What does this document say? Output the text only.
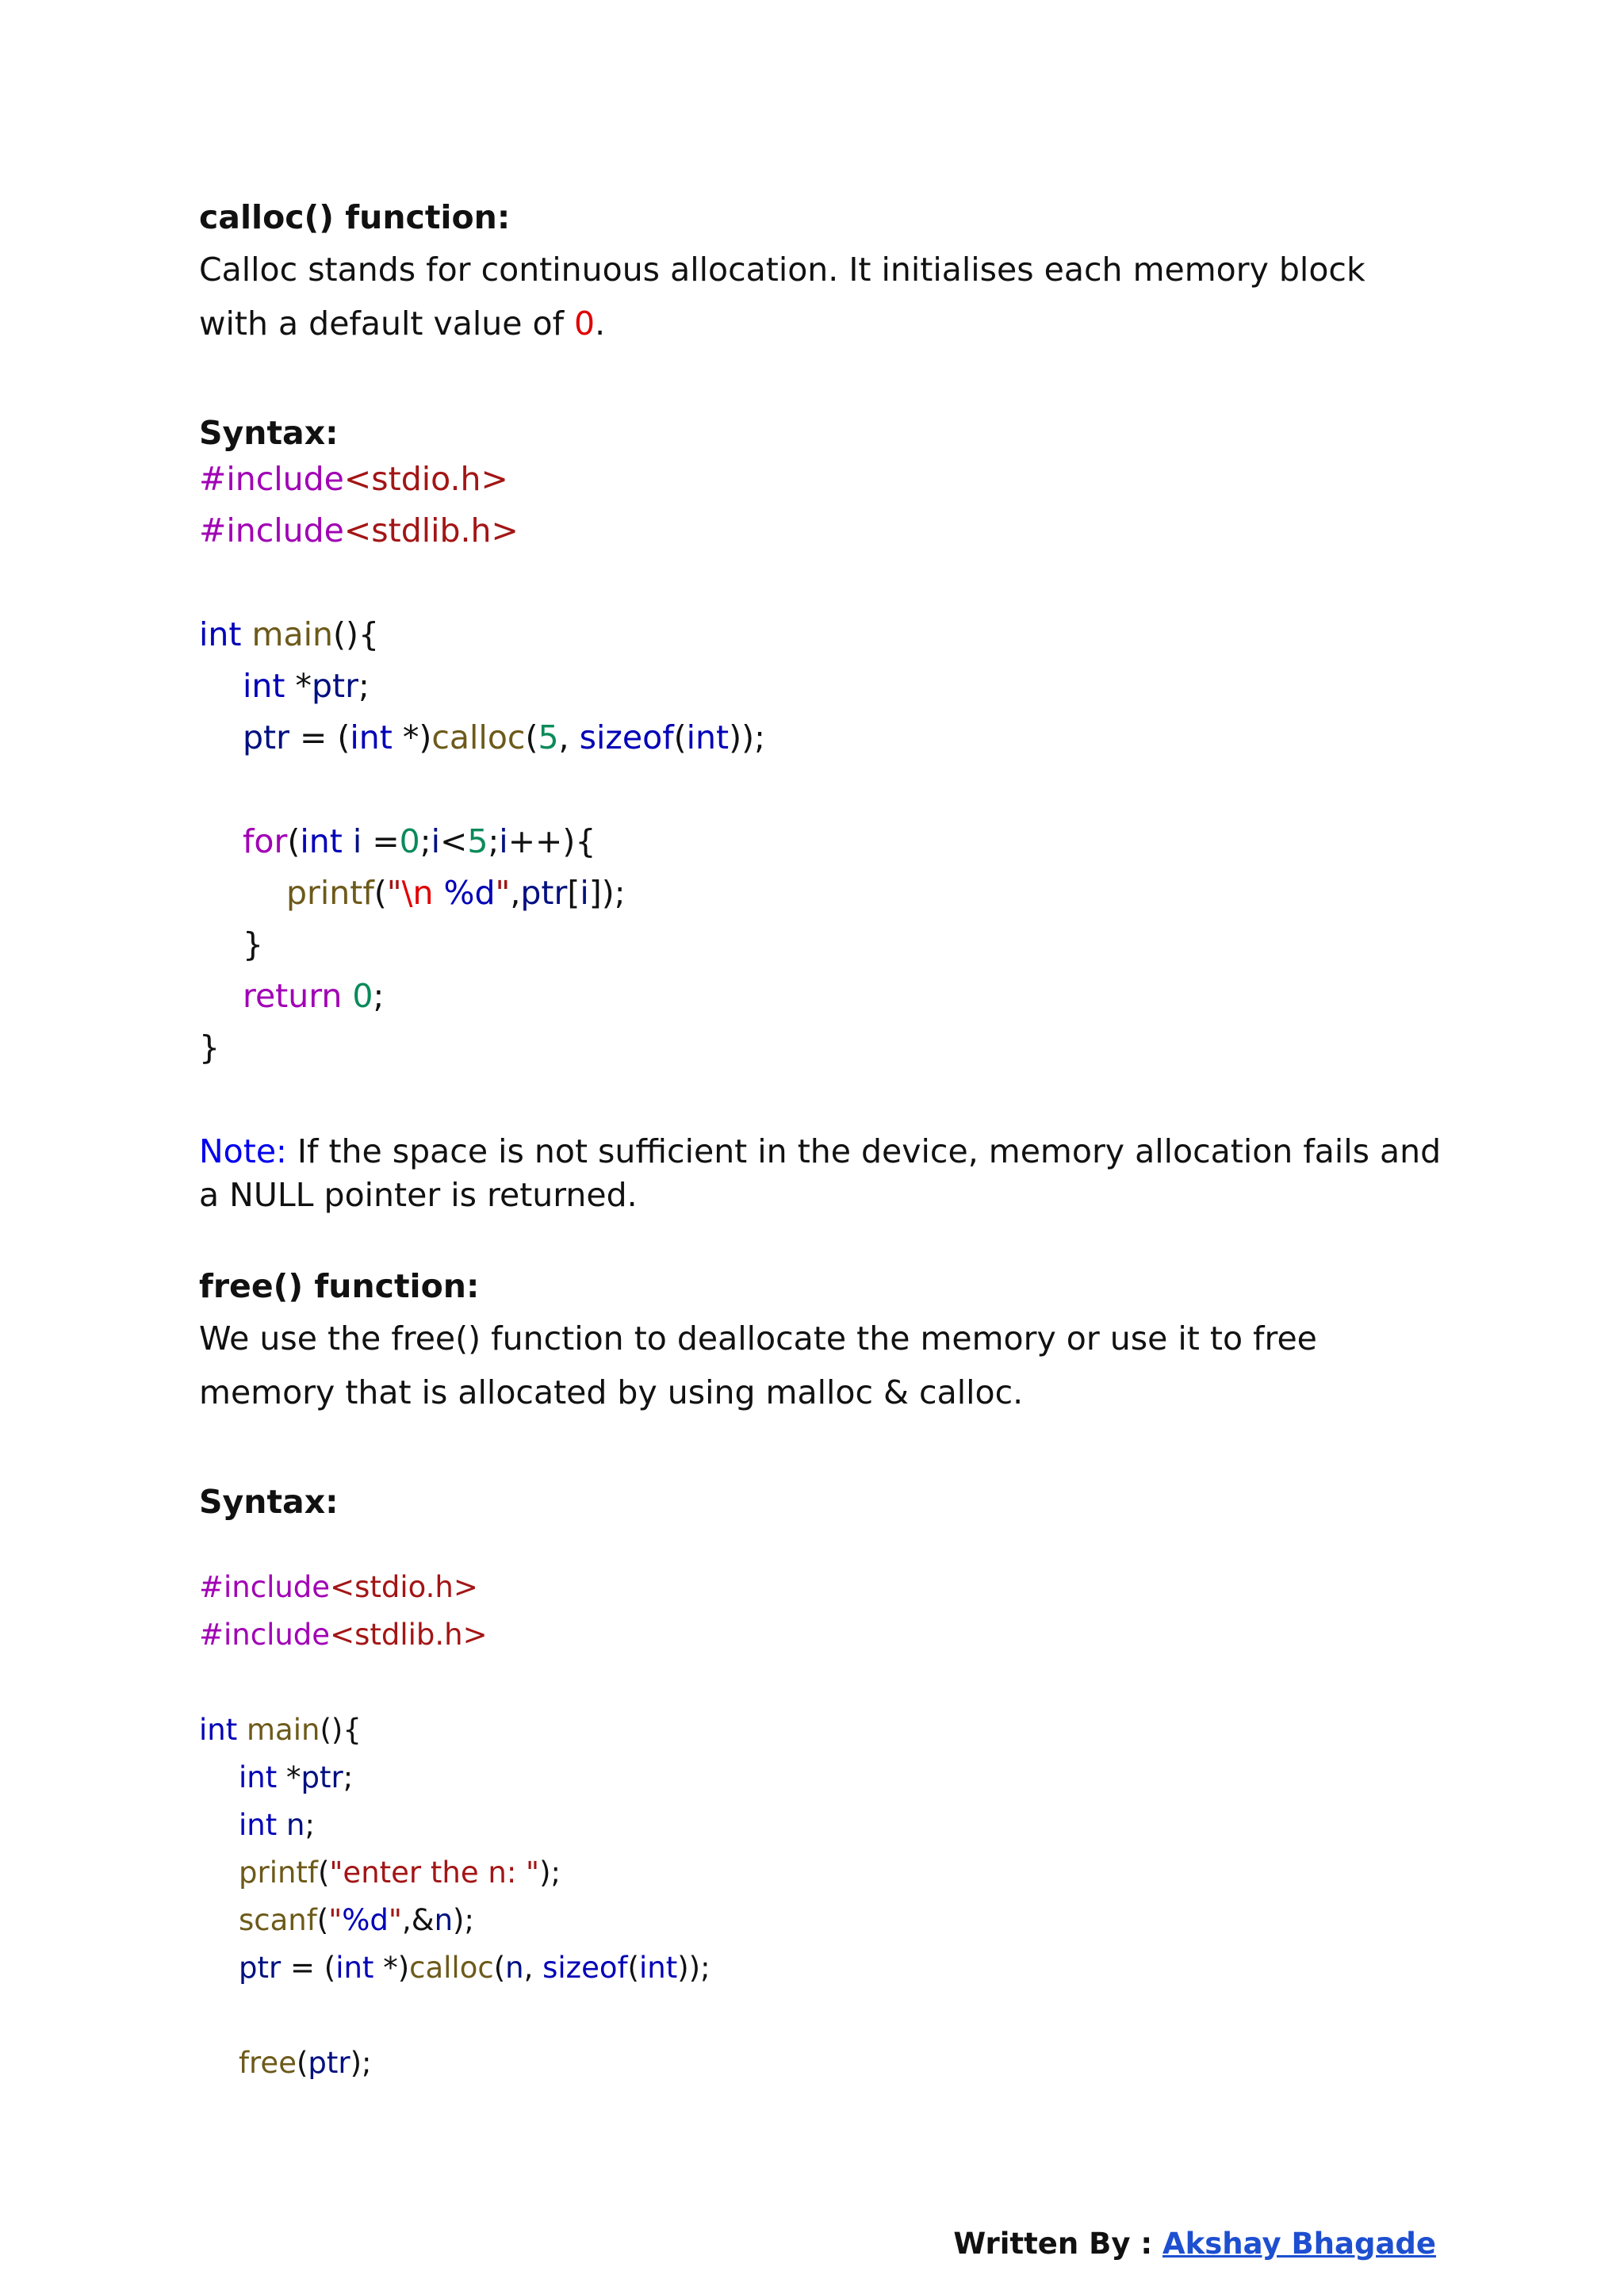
calloc() function:
Calloc stands for continuous allocation. It initialises each memory block
with a default value of 0.
Syntax:

#include<stdio.h>

#include<stdlib.h>

int main(){

int *ptr;

ptr = (int *)calloc(5, sizeof(int));

for(int i =0;i<5;i++){

printf("\n %d",ptr[i]);

}

return 0;

}

Note: If the space is not sufficient in the device, memory allocation fails and
a NULL pointer is returned.
free() function:
We use the free() function to deallocate the memory or use it to free
memory that is allocated by using malloc & calloc.
Syntax:

#include<stdio.h>

#include<stdlib.h>

int main(){

int *ptr;

int n;

printf("enter the n: ");

scanf("%d",&n);

ptr = (int *)calloc(n, sizeof(int));

free(ptr);

Written By : Akshay Bhagade
